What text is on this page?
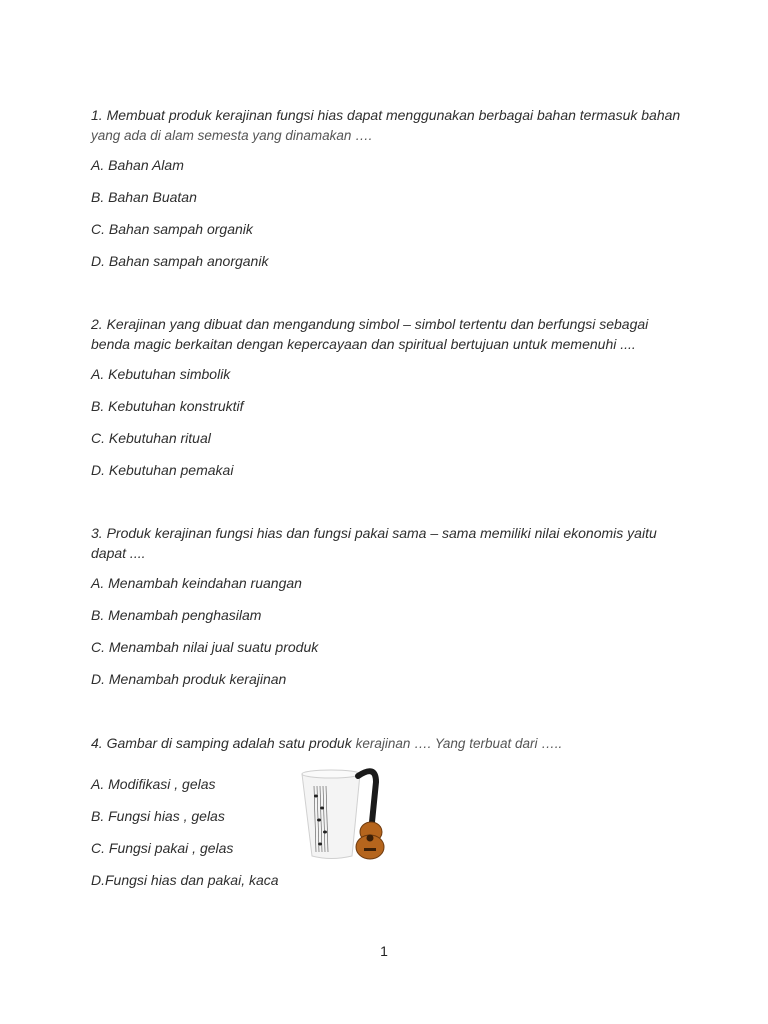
1. Membuat produk kerajinan fungsi hias dapat menggunakan berbagai bahan termasuk bahan yang ada di alam semesta yang dinamakan ….

A. Bahan Alam

B. Bahan Buatan

C. Bahan sampah organik

D. Bahan sampah anorganik

2. Kerajinan yang dibuat dan mengandung simbol – simbol tertentu dan berfungsi sebagai benda magic berkaitan dengan kepercayaan dan spiritual bertujuan untuk memenuhi ....

A. Kebutuhan simbolik

B. Kebutuhan konstruktif

C. Kebutuhan ritual

D. Kebutuhan pemakai

3. Produk kerajinan fungsi hias dan fungsi pakai sama – sama memiliki nilai ekonomis yaitu dapat ....

A. Menambah keindahan ruangan

B. Menambah penghasilam

C. Menambah nilai jual suatu produk

D. Menambah produk kerajinan

4. Gambar di samping adalah satu produk kerajinan …. Yang terbuat dari …..

A. Modifikasi , gelas

B. Fungsi hias , gelas

C. Fungsi pakai , gelas

D.Fungsi hias dan pakai, kaca

1
